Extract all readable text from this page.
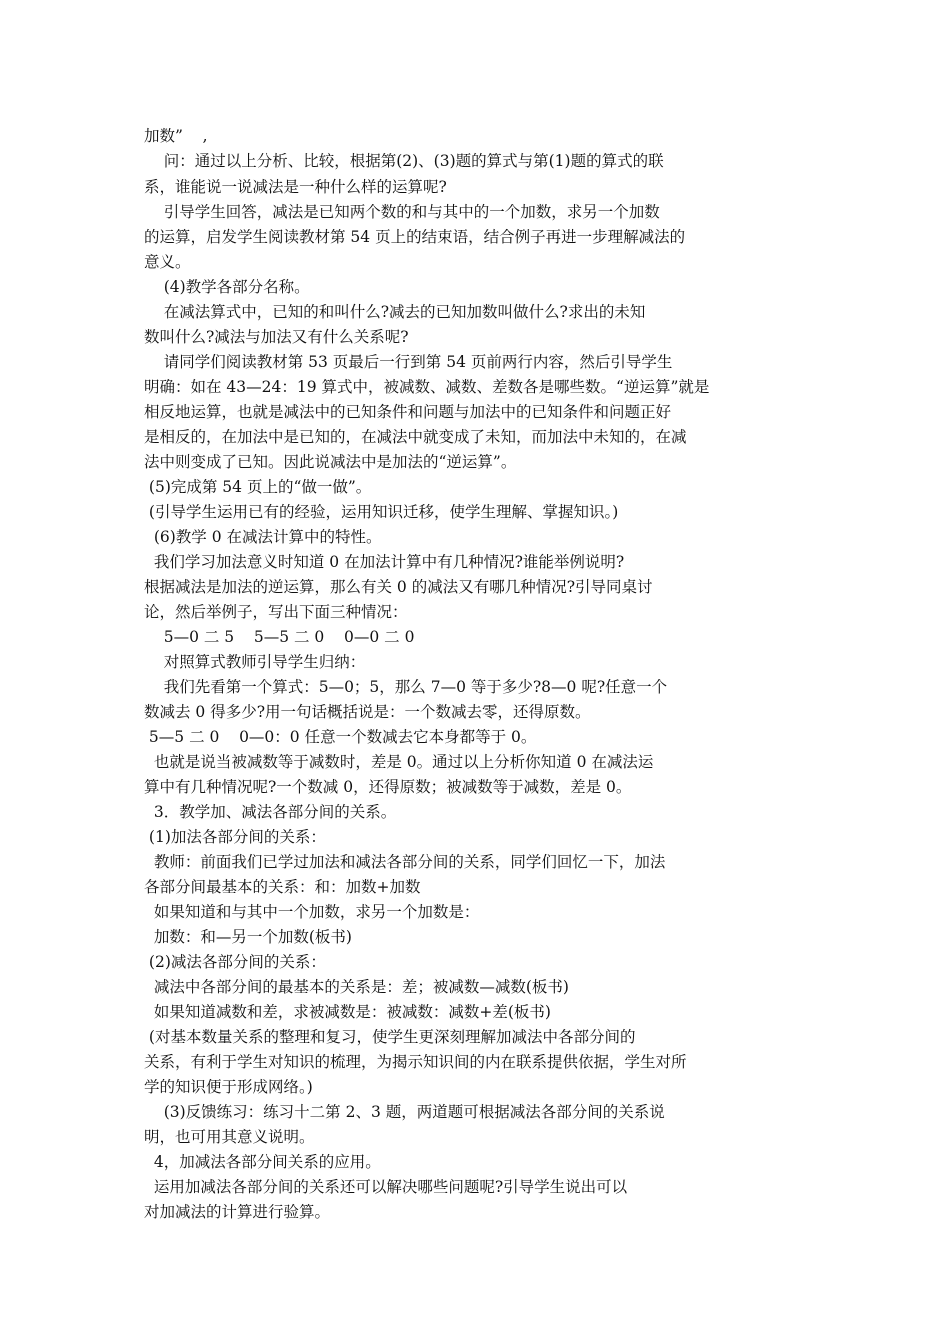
加数”    ,
问：通过以上分析、比较，根据第(2)、(3)题的算式与第(1)题的算式的联
系，谁能说一说减法是一种什么样的运算呢?
引导学生回答，减法是已知两个数的和与其中的一个加数，求另一个加数
的运算，启发学生阅读教材第 54 页上的结束语，结合例子再进一步理解减法的
意义。
(4)教学各部分名称。
在减法算式中，已知的和叫什么?减去的已知加数叫做什么?求出的未知
数叫什么?减法与加法又有什么关系呢?
请同学们阅读教材第 53 页最后一行到第 54 页前两行内容，然后引导学生
明确：如在 43—24：19 算式中，被减数、减数、差数各是哪些数。“逆运算”就是
相反地运算，也就是减法中的已知条件和问题与加法中的已知条件和问题正好
是相反的，在加法中是已知的，在减法中就变成了未知，而加法中未知的，在减
法中则变成了已知。因此说减法中是加法的“逆运算”。
(5)完成第 54 页上的“做一做”。
(引导学生运用已有的经验，运用知识迁移，使学生理解、掌握知识。)
(6)教学 0 在减法计算中的特性。
我们学习加法意义时知道 0 在加法计算中有几种情况?谁能举例说明?
根据减法是加法的逆运算，那么有关 0 的减法又有哪几种情况?引导同桌讨
论，然后举例子，写出下面三种情况：
5—0 二 5    5—5 二 0    0—0 二 0
对照算式教师引导学生归纳：
我们先看第一个算式：5—0；5，那么 7—0 等于多少?8—0 呢?任意一个
数减去 0 得多少?用一句话概括说是：一个数减去零，还得原数。
5—5 二 0    0—0：0 任意一个数减去它本身都等于 0。
也就是说当被减数等于减数时，差是 0。通过以上分析你知道 0 在减法运
算中有几种情况呢?一个数减 0，还得原数；被减数等于减数，差是 0。
3．教学加、减法各部分间的关系。
(1)加法各部分间的关系：
教师：前面我们已学过加法和减法各部分间的关系，同学们回忆一下，加法
各部分间最基本的关系：和：加数+加数
如果知道和与其中一个加数，求另一个加数是：
加数：和—另一个加数(板书)
(2)减法各部分间的关系：
减法中各部分间的最基本的关系是：差；被减数—减数(板书)
如果知道减数和差，求被减数是：被减数：减数+差(板书)
(对基本数量关系的整理和复习，使学生更深刻理解加减法中各部分间的
关系，有利于学生对知识的梳理，为揭示知识间的内在联系提供依据，学生对所
学的知识便于形成网络。)
(3)反馈练习：练习十二第 2、3 题，两道题可根据减法各部分间的关系说
明，也可用其意义说明。
4，加减法各部分间关系的应用。
运用加减法各部分间的关系还可以解决哪些问题呢?引导学生说出可以
对加减法的计算进行验算。
